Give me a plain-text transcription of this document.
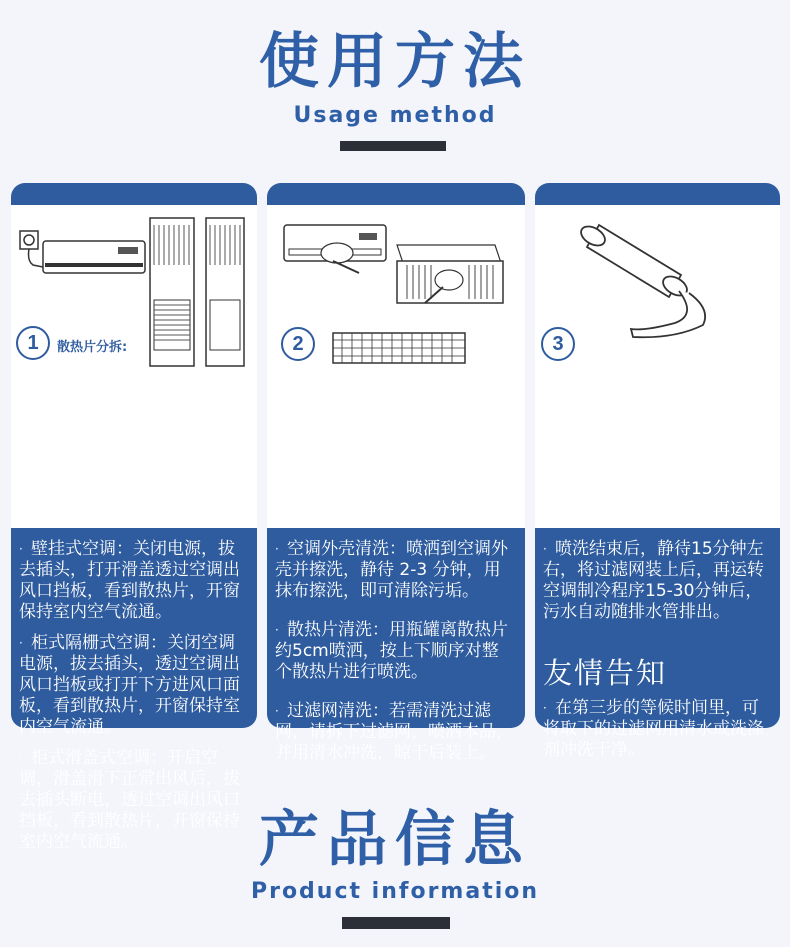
使用方法
Usage method
1	散热片分拆:
· 壁挂式空调：关闭电源，拔去插头，打开滑盖透过空调出风口挡板，看到散热片，开窗保持室内空气流通。
· 柜式隔栅式空调：关闭空调电源，拔去插头，透过空调出风口挡板或打开下方进风口面板，看到散热片，开窗保持室内空气流通。
· 柜式滑盖式空调：开启空调，滑盖滑下正常出风后，拔去插头断电，透过空调出风口挡板，看到散热片，开窗保持室内空气流通。
2
· 空调外壳清洗：喷洒到空调外壳并擦洗，静待 2-3 分钟，用抹布擦洗，即可清除污垢。
· 散热片清洗：用瓶罐离散热片约5cm喷洒，按上下顺序对整个散热片进行喷洗。
· 过滤网清洗：若需清洗过滤网，请拆下过滤网，喷洒本品，并用清水冲洗，晾干后装上。
3
· 喷洗结束后，静待15分钟左右，将过滤网装上后，再运转空调制冷程序15-30分钟后，污水自动随排水管排出。
友情告知
· 在第三步的等候时间里，可将取下的过滤网用清水或洗涤剂冲洗干净。
制 令 通
产品信息
Product information
